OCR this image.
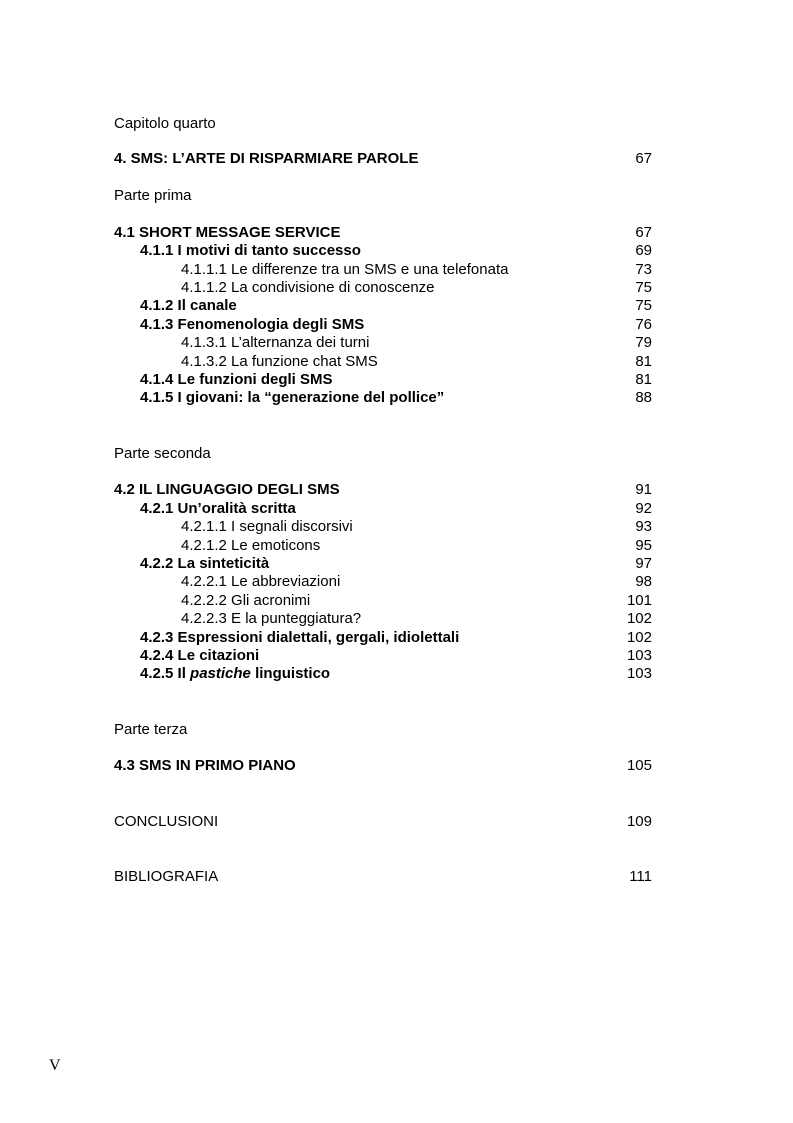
Capitolo quarto
4. SMS: L’ARTE DI RISPARMIARE PAROLE	67
Parte prima
4.1 SHORT MESSAGE SERVICE	67
4.1.1 I motivi di tanto successo	69
4.1.1.1 Le differenze tra un SMS e una telefonata	73
4.1.1.2 La condivisione di conoscenze	75
4.1.2 Il canale	75
4.1.3 Fenomenologia degli SMS	76
4.1.3.1 L’alternanza dei turni	79
4.1.3.2 La funzione chat SMS	81
4.1.4 Le funzioni degli SMS	81
4.1.5 I giovani: la “generazione del pollice”	88
Parte seconda
4.2 IL LINGUAGGIO DEGLI SMS	91
4.2.1 Un’oralità scritta	92
4.2.1.1 I segnali discorsivi	93
4.2.1.2 Le emoticons	95
4.2.2 La sinteticità	97
4.2.2.1 Le abbreviazioni	98
4.2.2.2 Gli acronimi	101
4.2.2.3 E la punteggiatura?	102
4.2.3 Espressioni dialettali, gergali, idiolettali	102
4.2.4 Le citazioni	103
4.2.5 Il pastiche linguistico	103
Parte terza
4.3 SMS IN PRIMO PIANO	105
CONCLUSIONI	109
BIBLIOGRAFIA	111
V
